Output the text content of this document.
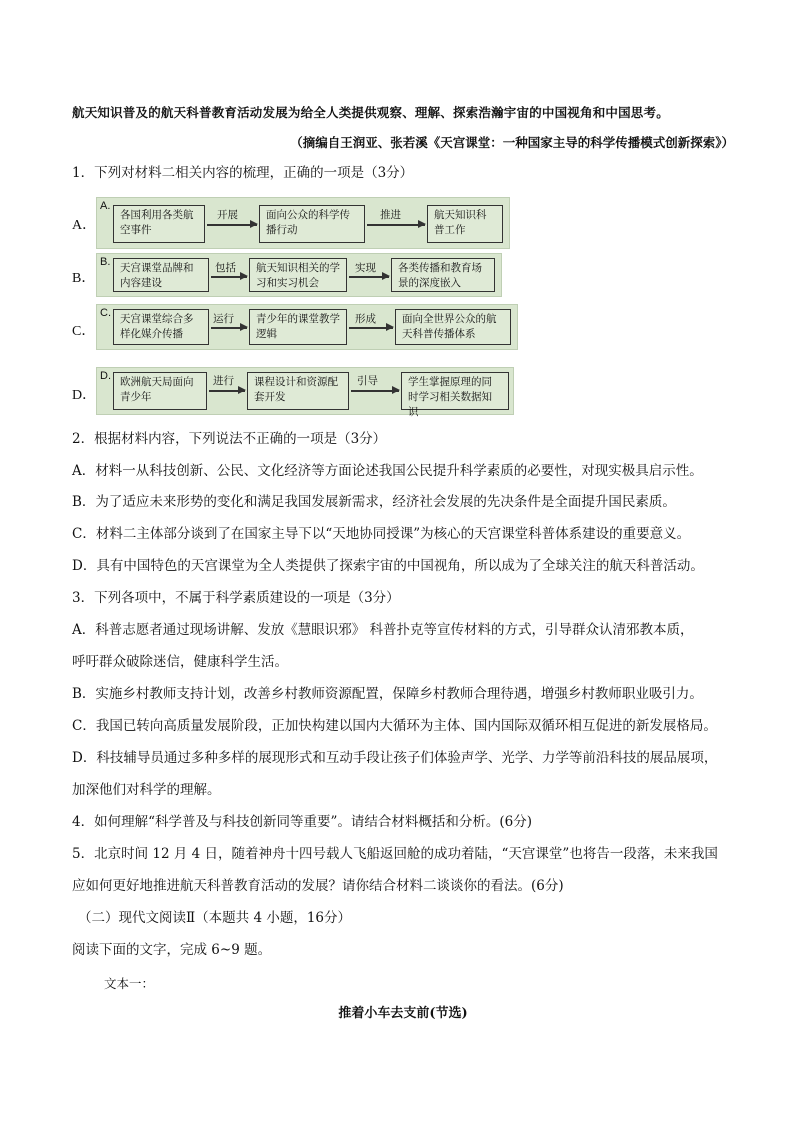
航天知识普及的航天科普教育活动发展为给全人类提供观察、理解、探索浩瀚宇宙的中国视角和中国思考。
（摘编自王润亚、张若溪《天宫课堂：一种国家主导的科学传播模式创新探索》）
1．下列对材料二相关内容的梳理，正确的一项是（3分）
A．
A.
各国利用各类航空事件
开展	面向公众的科学传播行动
推进	航天知识科普工作
B．
B. 天宫课堂品牌和内容建设
包括	航天知识相关的学习和实习机会
实现	各类传播和教育场景的深度嵌入
C．
C. 天宫课堂综合多样化媒介传播
运行	青少年的课堂教学逻辑
形成	面向全世界公众的航天科普传播体系
D．
D. 欧洲航天局面向青少年
进行	课程设计和资源配套开发
引导	学生掌握原理的同时学习相关数据知识
2．根据材料内容，下列说法不正确的一项是（3分）
A．材料一从科技创新、公民、文化经济等方面论述我国公民提升科学素质的必要性，对现实极具启示性。
B．为了适应未来形势的变化和满足我国发展新需求，经济社会发展的先决条件是全面提升国民素质。
C．材料二主体部分谈到了在国家主导下以“天地协同授课”为核心的天宫课堂科普体系建设的重要意义。
D．具有中国特色的天宫课堂为全人类提供了探索宇宙的中国视角，所以成为了全球关注的航天科普活动。
3．下列各项中，不属于科学素质建设的一项是（3分）
A．科普志愿者通过现场讲解、发放《慧眼识邪》 科普扑克等宣传材料的方式，引导群众认清邪教本质，
呼吁群众破除迷信，健康科学生活。
B．实施乡村教师支持计划，改善乡村教师资源配置，保障乡村教师合理待遇，增强乡村教师职业吸引力。
C．我国已转向高质量发展阶段，正加快构建以国内大循环为主体、国内国际双循环相互促进的新发展格局。
D．科技辅导员通过多种多样的展现形式和互动手段让孩子们体验声学、光学、力学等前沿科技的展品展项，
加深他们对科学的理解。
4．如何理解“科学普及与科技创新同等重要”。请结合材料概括和分析。(6分)
5．北京时间 12 月 4 日，随着神舟十四号载人飞船返回舱的成功着陆，“天宫课堂”也将告一段落，未来我国
应如何更好地推进航天科普教育活动的发展？请你结合材料二谈谈你的看法。(6分)
（二）现代文阅读Ⅱ（本题共 4 小题，16分）
阅读下面的文字，完成 6~9 题。
文本一：
推着小车去支前(节选)
